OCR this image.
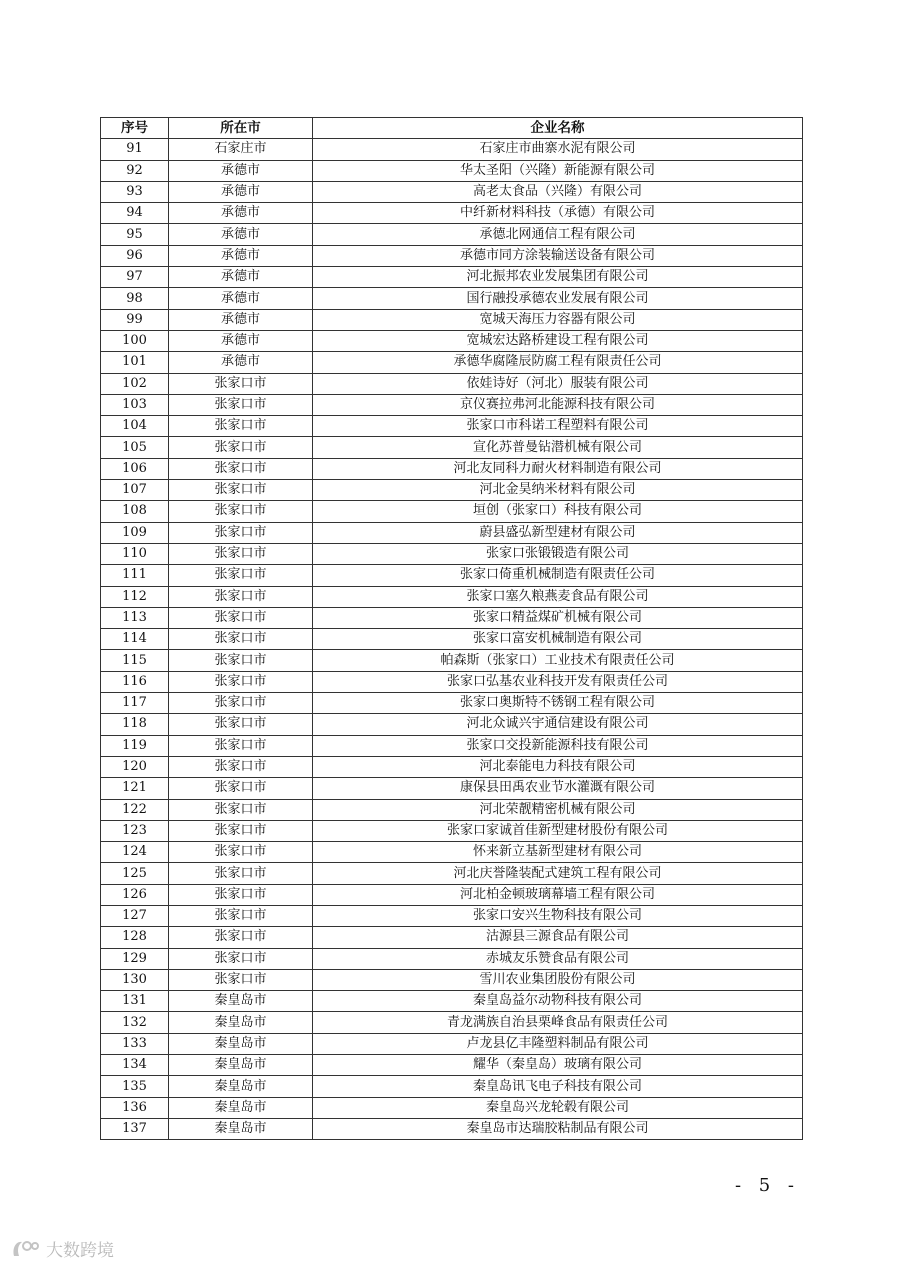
序号	所在市	企业名称
91	石家庄市	石家庄市曲寨水泥有限公司
92	承德市	华太圣阳（兴隆）新能源有限公司
93	承德市	高老太食品（兴隆）有限公司
94	承德市	中纤新材料科技（承德）有限公司
95	承德市	承德北网通信工程有限公司
96	承德市	承德市同方涂装输送设备有限公司
97	承德市	河北振邦农业发展集团有限公司
98	承德市	国行融投承德农业发展有限公司
99	承德市	宽城天海压力容器有限公司
100	承德市	宽城宏达路桥建设工程有限公司
101	承德市	承德华腐隆辰防腐工程有限责任公司
102	张家口市	依娃诗好（河北）服装有限公司
103	张家口市	京仪赛拉弗河北能源科技有限公司
104	张家口市	张家口市科诺工程塑料有限公司
105	张家口市	宣化苏普曼钻潜机械有限公司
106	张家口市	河北友同科力耐火材料制造有限公司
107	张家口市	河北金昊纳米材料有限公司
108	张家口市	垣创（张家口）科技有限公司
109	张家口市	蔚县盛弘新型建材有限公司
110	张家口市	张家口张锻锻造有限公司
111	张家口市	张家口倚重机械制造有限责任公司
112	张家口市	张家口塞久粮燕麦食品有限公司
113	张家口市	张家口精益煤矿机械有限公司
114	张家口市	张家口富安机械制造有限公司
115	张家口市	帕森斯（张家口）工业技术有限责任公司
116	张家口市	张家口弘基农业科技开发有限责任公司
117	张家口市	张家口奥斯特不锈钢工程有限公司
118	张家口市	河北众诚兴宇通信建设有限公司
119	张家口市	张家口交投新能源科技有限公司
120	张家口市	河北泰能电力科技有限公司
121	张家口市	康保县田禹农业节水灌溉有限公司
122	张家口市	河北荣靓精密机械有限公司
123	张家口市	张家口家诚首佳新型建材股份有限公司
124	张家口市	怀来新立基新型建材有限公司
125	张家口市	河北庆誉隆装配式建筑工程有限公司
126	张家口市	河北柏金顿玻璃幕墙工程有限公司
127	张家口市	张家口安兴生物科技有限公司
128	张家口市	沽源县三源食品有限公司
129	张家口市	赤城友乐赞食品有限公司
130	张家口市	雪川农业集团股份有限公司
131	秦皇岛市	秦皇岛益尔动物科技有限公司
132	秦皇岛市	青龙满族自治县栗峰食品有限责任公司
133	秦皇岛市	卢龙县亿丰隆塑料制品有限公司
134	秦皇岛市	耀华（秦皇岛）玻璃有限公司
135	秦皇岛市	秦皇岛讯飞电子科技有限公司
136	秦皇岛市	秦皇岛兴龙轮毂有限公司
137	秦皇岛市	秦皇岛市达瑞胶粘制品有限公司
- 5 -
大数跨境
